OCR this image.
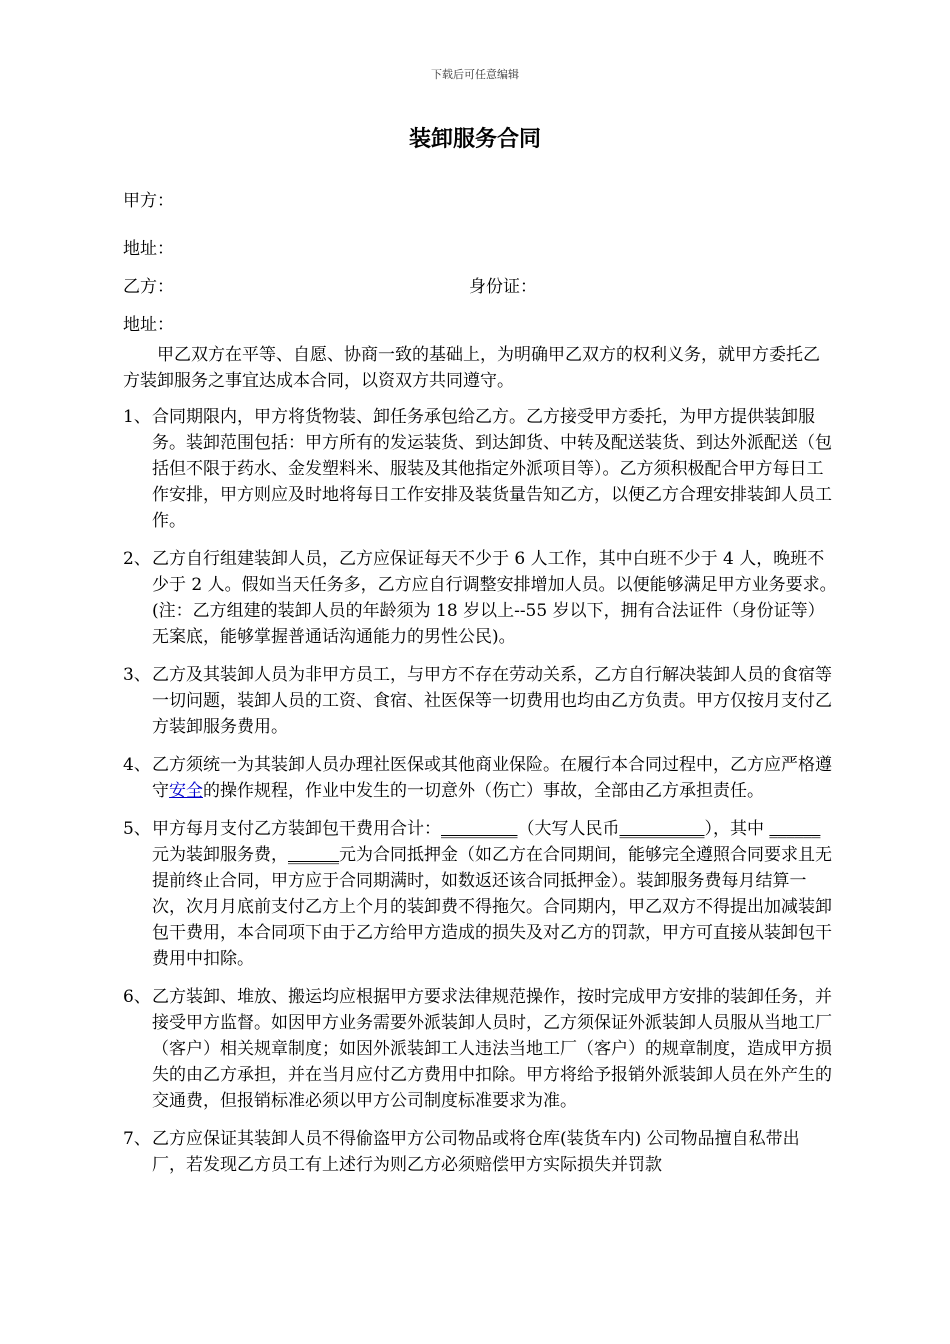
下载后可任意编辑
装卸服务合同
甲方：
地址：
乙方：	身份证：
地址：
甲乙双方在平等、自愿、协商一致的基础上，为明确甲乙双方的权利义务，就甲方委托乙方装卸服务之事宜达成本合同，以资双方共同遵守。
1、 合同期限内，甲方将货物装、卸任务承包给乙方。乙方接受甲方委托，为甲方提供装卸服务。装卸范围包括：甲方所有的发运装货、到达卸货、中转及配送装货、到达外派配送（包括但不限于药水、金发塑料米、服装及其他指定外派项目等）。乙方须积极配合甲方每日工作安排，甲方则应及时地将每日工作安排及装货量告知乙方，以便乙方合理安排装卸人员工作。
2、 乙方自行组建装卸人员，乙方应保证每天不少于 6 人工作，其中白班不少于 4 人，晚班不少于 2 人。假如当天任务多，乙方应自行调整安排增加人员。以便能够满足甲方业务要求。　(注：乙方组建的装卸人员的年龄须为 18 岁以上--55 岁以下，拥有合法证件（身份证等）无案底，能够掌握普通话沟通能力的男性公民)。
3、 乙方及其装卸人员为非甲方员工，与甲方不存在劳动关系，乙方自行解决装卸人员的食宿等一切问题，装卸人员的工资、食宿、社医保等一切费用也均由乙方负责。甲方仅按月支付乙方装卸服务费用。
4、 乙方须统一为其装卸人员办理社医保或其他商业保险。在履行本合同过程中，乙方应严格遵守安全的操作规程，作业中发生的一切意外（伤亡）事故，全部由乙方承担责任。
5、 甲方每月支付乙方装卸包干费用合计：_________（大写人民币__________），其中 ______元为装卸服务费，______元为合同抵押金（如乙方在合同期间，能够完全遵照合同要求且无提前终止合同，甲方应于合同期满时，如数返还该合同抵押金）。装卸服务费每月结算一次，次月月底前支付乙方上个月的装卸费不得拖欠。合同期内，甲乙双方不得提出加减装卸包干费用，本合同项下由于乙方给甲方造成的损失及对乙方的罚款，甲方可直接从装卸包干费用中扣除。
6、 乙方装卸、堆放、搬运均应根据甲方要求法律规范操作，按时完成甲方安排的装卸任务，并接受甲方监督。如因甲方业务需要外派装卸人员时，乙方须保证外派装卸人员服从当地工厂（客户）相关规章制度；如因外派装卸工人违法当地工厂（客户）的规章制度，造成甲方损失的由乙方承担，并在当月应付乙方费用中扣除。甲方将给予报销外派装卸人员在外产生的交通费，但报销标准必须以甲方公司制度标准要求为准。
7、 乙方应保证其装卸人员不得偷盗甲方公司物品或将仓库(装货车内) 公司物品擅自私带出厂，若发现乙方员工有上述行为则乙方必须赔偿甲方实际损失并罚款
